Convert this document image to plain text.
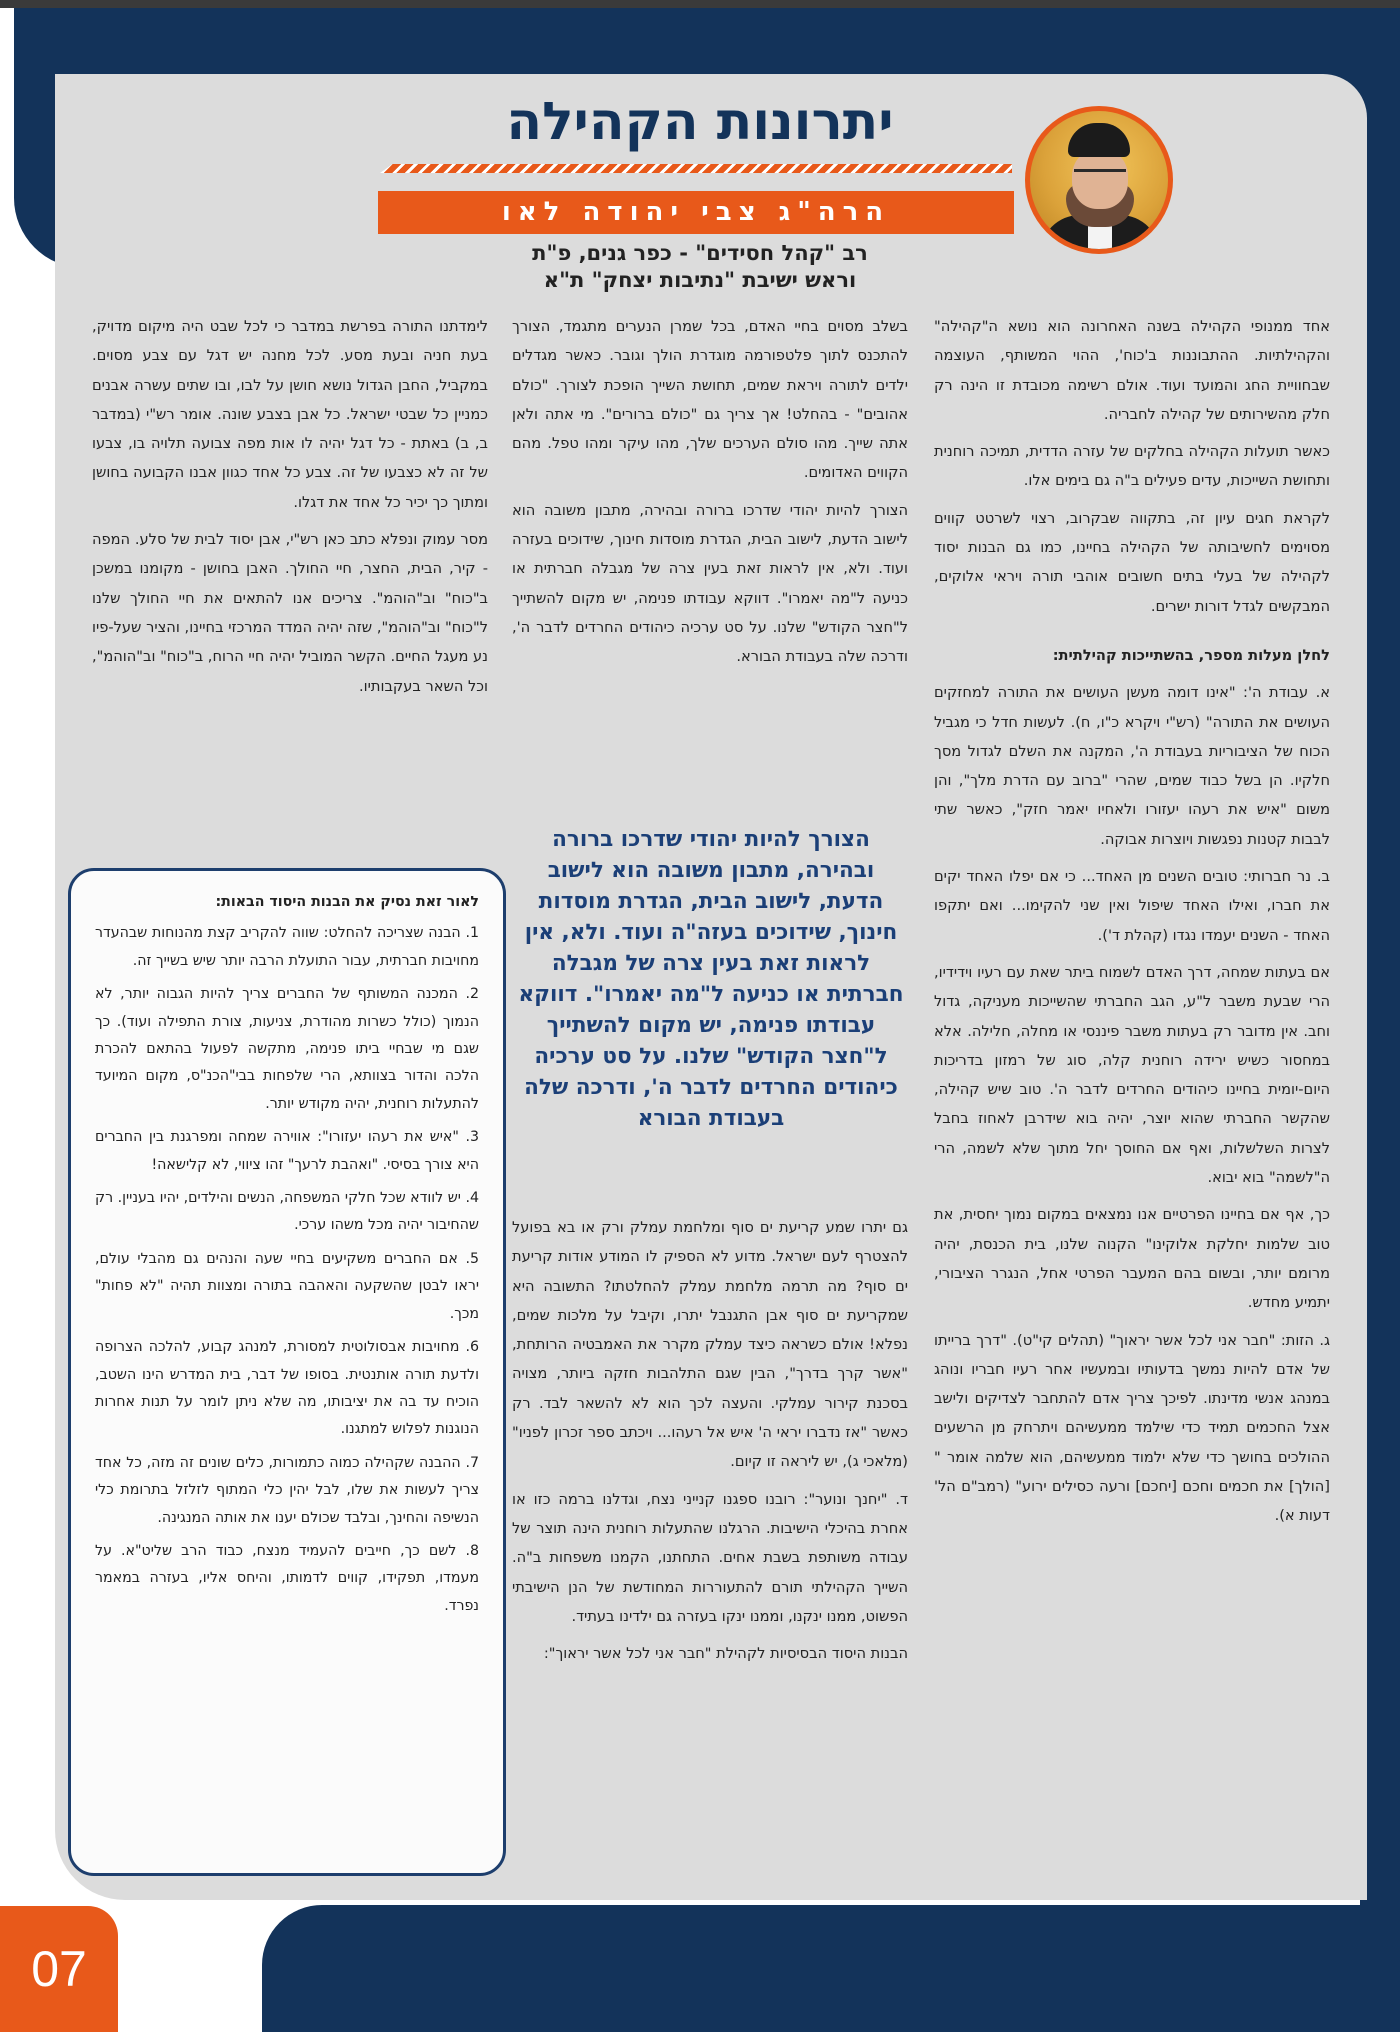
07
יתרונות הקהילה
הרה"ג צבי יהודה לאו
רב "קהל חסידים" - כפר גנים, פ"ת
וראש ישיבת "נתיבות יצחק" ת"א

אחד ממנופי הקהילה בשנה האחרונה הוא נושא ה"קהילה" והקהילתיות. ההתבוננות ב'כוח', ההוי המשותף, העוצמה שבחוויית החג והמועד ועוד. אולם רשימה מכובדת זו הינה רק חלק מהשירותים של קהילה לחבריה.

כאשר תועלות הקהילה בחלקים של עזרה הדדית, תמיכה רוחנית ותחושת השייכות, עדים פעילים ב"ה גם בימים אלו.

לקראת חגים עיון זה, בתקווה שבקרוב, רצוי לשרטט קווים מסוימים לחשיבותה של הקהילה בחיינו, כמו גם הבנות יסוד לקהילה של בעלי בתים חשובים אוהבי תורה ויראי אלוקים, המבקשים לגדל דורות ישרים.

לחלן מעלות מספר, בהשתייכות קהילתית:

א. עבודת ה': "אינו דומה מעשן העושים את התורה למחזקים העושים את התורה" (רש"י ויקרא כ"ו, ח). לעשות חדל כי מגביל הכוח של הציבוריות בעבודת ה', המקנה את השלם לגדול מסך חלקיו. הן בשל כבוד שמים, שהרי "ברוב עם הדרת מלך", והן משום "איש את רעהו יעזורו ולאחיו יאמר חזק", כאשר שתי לבבות קטנות נפגשות ויוצרות אבוקה.

ב. נר חברותי: טובים השנים מן האחד... כי אם יפלו האחד יקים את חברו, ואילו האחד שיפול ואין שני להקימו... ואם יתקפו האחד - השנים יעמדו נגדו (קהלת ד').

אם בעתות שמחה, דרך האדם לשמוח ביתר שאת עם רעיו וידידיו, הרי שבעת משבר ל"ע, הגב החברתי שהשייכות מעניקה, גדול וחב. אין מדובר רק בעתות משבר פיננסי או מחלה, חלילה. אלא במחסור כשיש ירידה רוחנית קלה, סוג של רמזון בדריכות היום-יומית בחיינו כיהודים החרדים לדבר ה'. טוב שיש קהילה, שהקשר החברתי שהוא יוצר, יהיה בוא שידרבן לאחוז בחבל לצרות השלשלות, ואף אם החוסך יחל מתוך שלא לשמה, הרי ה"לשמה" בוא יבוא.

כך, אף אם בחיינו הפרטיים אנו נמצאים במקום נמוך יחסית, את טוב שלמות יחלקת אלוקינו" הקנוה שלנו, בית הכנסת, יהיה מרומם יותר, ובשום בהם המעבר הפרטי אחל, הנגרר הציבורי, יתמיע מחדש.

ג. הזות: "חבר אני לכל אשר יראוך" (תהלים קי"ט). "דרך ברייתו של אדם להיות נמשך בדעותיו ובמעשיו אחר רעיו חבריו ונוהג במנהג אנשי מדינתו. לפיכך צריך אדם להתחבר לצדיקים ולישב אצל החכמים תמיד כדי שילמד ממעשיהם ויתרחק מן הרשעים ההולכים בחושך כדי שלא ילמוד ממעשיהם, הוא שלמה אומר "[הולך] את חכמים וחכם [יחכם] ורעה כסילים ירוע" (רמב"ם הל' דעות א).

בשלב מסוים בחיי האדם, בכל שמרן הנערים מתגמד, הצורך להתכנס לתוך פלטפורמה מוגדרת הולך וגובר. כאשר מגדלים ילדים לתורה ויראת שמים, תחושת השייך הופכת לצורך. "כולם אהובים" - בהחלט! אך צריך גם "כולם ברורים". מי אתה ולאן אתה שייך. מהו סולם הערכים שלך, מהו עיקר ומהו טפל. מהם הקווים האדומים.

הצורך להיות יהודי שדרכו ברורה ובהירה, מתבון משובה הוא לישוב הדעת, לישוב הבית, הגדרת מוסדות חינוך, שידוכים בעזרה ועוד. ולא, אין לראות זאת בעין צרה של מגבלה חברתית או כניעה ל"מה יאמרו". דווקא עבודתו פנימה, יש מקום להשתייך ל"חצר הקודש" שלנו. על סט ערכיה כיהודים החרדים לדבר ה', ודרכה שלה בעבודת הבורא.

הצורך להיות יהודי שדרכו ברורה ובהירה, מתבון משובה הוא לישוב הדעת, לישוב הבית, הגדרת מוסדות חינוך, שידוכים בעזה"ה ועוד. ולא, אין לראות זאת בעין צרה של מגבלה חברתית או כניעה ל"מה יאמרו". דווקא עבודתו פנימה, יש מקום להשתייך ל"חצר הקודש" שלנו. על סט ערכיה כיהודים החרדים לדבר ה', ודרכה שלה בעבודת הבורא

גם יתרו שמע קריעת ים סוף ומלחמת עמלק ורק או בא בפועל להצטרף לעם ישראל. מדוע לא הספיק לו המודע אודות קריעת ים סוף? מה תרמה מלחמת עמלק להחלטתו? התשובה היא שמקריעת ים סוף אבן התגנבל יתרו, וקיבל על מלכות שמים, נפלא! אולם כשראה כיצד עמלק מקרר את האמבטיה הרותחת, "אשר קרך בדרך", הבין שגם התלהבות חזקה ביותר, מצויה בסכנת קירור עמלקי. והעצה לכך הוא לא להשאר לבד. רק כאשר "אז נדברו יראי ה' איש אל רעהו... ויכתב ספר זכרון לפניו" (מלאכי ג), יש ליראה זו קיום.

ד. "יחנך ונוער": רובנו ספגנו קנייני נצח, וגדלנו ברמה כזו או אחרת בהיכלי הישיבות. הרגלנו שהתעלות רוחנית הינה תוצר של עבודה משותפת בשבת אחים. התחתנו, הקמנו משפחות ב"ה. השייך הקהילתי תורם להתעוררות המחודשת של הנן הישיבתי הפשוט, ממנו ינקנו, וממנו ינקו בעזרה גם ילדינו בעתיד.

הבנות היסוד הבסיסיות לקהילת "חבר אני לכל אשר יראוך":

לימדתנו התורה בפרשת במדבר כי לכל שבט היה מיקום מדויק, בעת חניה ובעת מסע. לכל מחנה יש דגל עם צבע מסוים. במקביל, החבן הגדול נושא חושן על לבו, ובו שתים עשרה אבנים כמניין כל שבטי ישראל. כל אבן בצבע שונה. אומר רש"י (במדבר ב, ב) באתת - כל דגל יהיה לו אות מפה צבועה תלויה בו, צבעו של זה לא כצבעו של זה. צבע כל אחד כגוון אבנו הקבועה בחושן ומתוך כך יכיר כל אחד את דגלו.

מסר עמוק ונפלא כתב כאן רש"י, אבן יסוד לבית של סלע. המפה - קיר, הבית, החצר, חיי החולך. האבן בחושן - מקומנו במשכן ב"כוח" וב"הוהמ". צריכים אנו להתאים את חיי החולך שלנו ל"כוח" וב"הוהמ", שזה יהיה המדד המרכזי בחיינו, והציר שעל-פיו נע מעגל החיים. הקשר המוביל יהיה חיי הרוח, ב"כוח" וב"הוהמ", וכל השאר בעקבותיו.

לאור זאת נסיק את הבנות היסוד הבאות:

1. הבנה שצריכה להחלט: שווה להקריב קצת מהנוחות שבהעדר מחויבות חברתית, עבור התועלת הרבה יותר שיש בשייך זה.

2. המכנה המשותף של החברים צריך להיות הגבוה יותר, לא הנמוך (כולל כשרות מהודרת, צניעות, צורת התפילה ועוד). כך שגם מי שבחיי ביתו פנימה, מתקשה לפעול בהתאם להכרת הלכה והדור בצוותא, הרי שלפחות בבי"הכנ"ס, מקום המיועד להתעלות רוחנית, יהיה מקודש יותר.

3. "איש את רעהו יעזורו": אווירה שמחה ומפרגנת בין החברים היא צורך בסיסי. "ואהבת לרעך" זהו ציווי, לא קלישאה!

4. יש לוודא שכל חלקי המשפחה, הנשים והילדים, יהיו בעניין. רק שהחיבור יהיה מכל משהו ערכי.

5. אם החברים משקיעים בחיי שעה והנהים גם מהבלי עולם, יראו לבטן שהשקעה והאהבה בתורה ומצוות תהיה "לא פחות" מכך.

6. מחויבות אבסולוטית למסורת, למנהג קבוע, להלכה הצרופה ולדעת תורה אותנטית. בסופו של דבר, בית המדרש הינו השטב, הוכיח עד בה את יציבותו, מה שלא ניתן לומר על תנות אחרות הנוגנות לפלוש למתגנו.

7. ההבנה שקהילה כמוה כתמורות, כלים שונים זה מזה, כל אחד צריך לעשות את שלו, לבל יהין כלי המתוף לזלזל בתרומת כלי הנשיפה והחינך, ובלבד שכולם יענו את אותה המנגינה.

8. לשם כך, חייבים להעמיד מנצח, כבוד הרב שליט"א. על מעמדו, תפקידו, קווים לדמותו, והיחס אליו, בעזרה במאמר נפרד.
